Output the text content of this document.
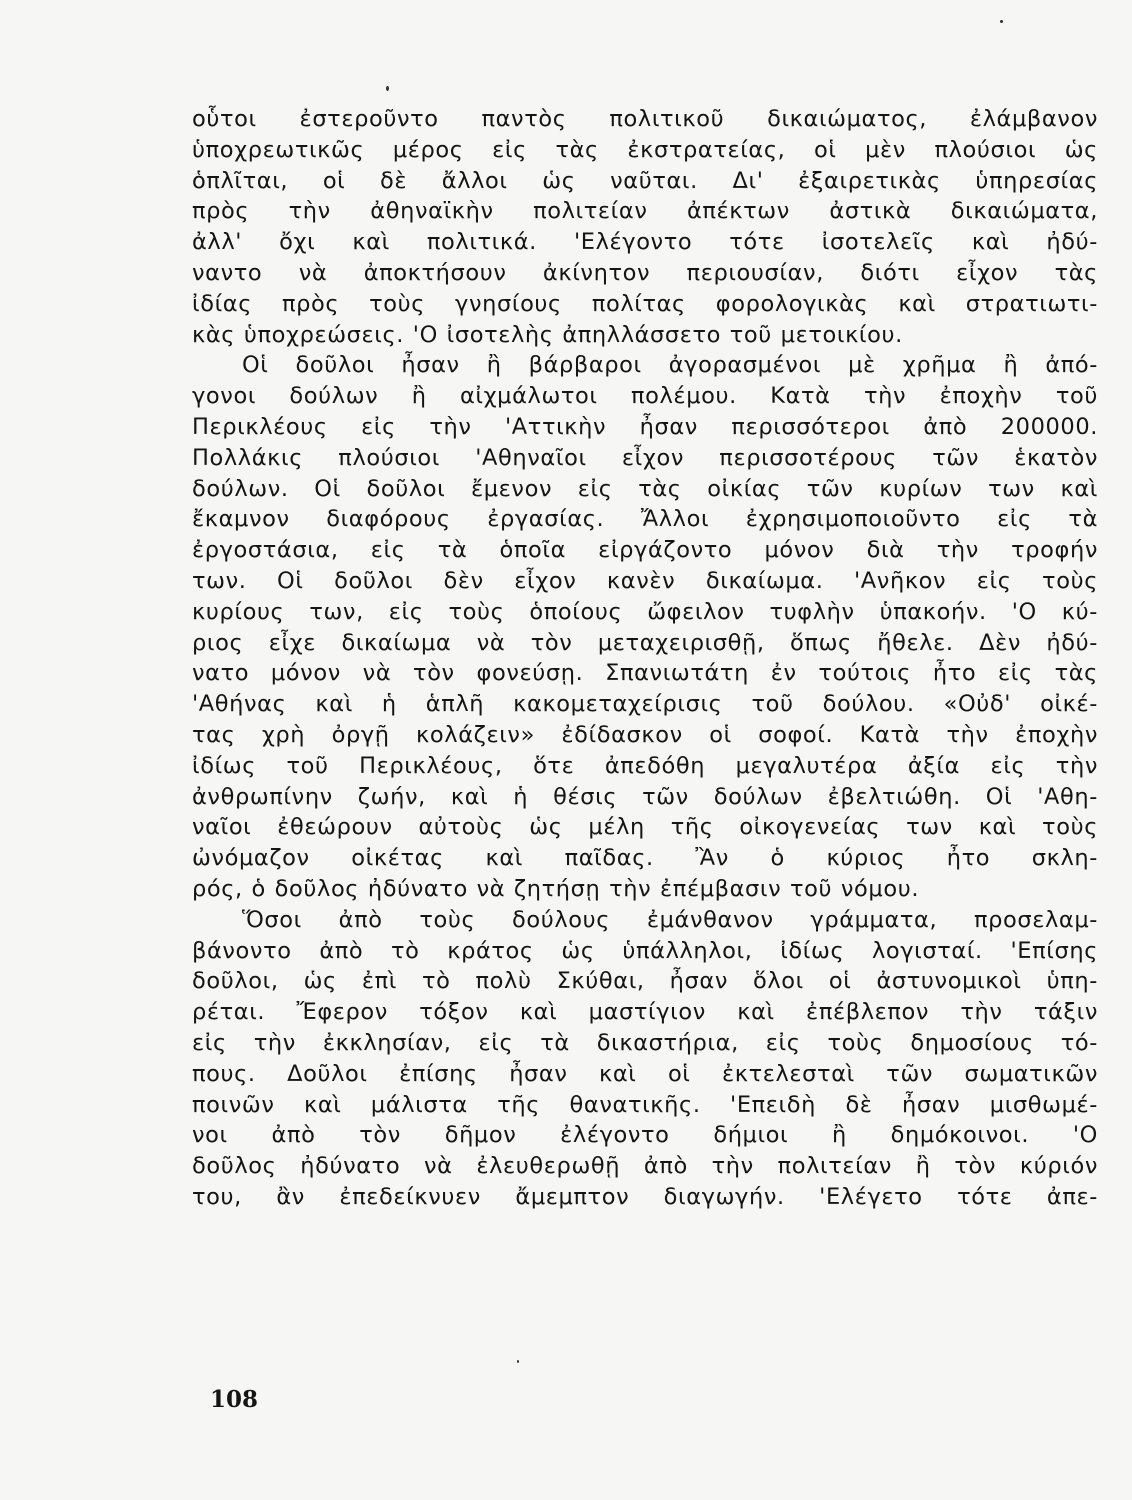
οὗτοι ἐστεροῦντο παντὸς πολιτικοῦ δικαιώματος, ἐλάμβανον
ὑποχρεωτικῶς μέρος εἰς τὰς ἐκστρατείας, οἱ μὲν πλούσιοι ὡς
ὁπλῖται, οἱ δὲ ἄλλοι ὡς ναῦται. Δι' ἐξαιρετικὰς ὑπηρεσίας
πρὸς τὴν ἀθηναϊκὴν πολιτείαν ἀπέκτων ἀστικὰ δικαιώματα,
ἀλλ' ὄχι καὶ πολιτικά. 'Ελέγοντο τότε ἰσοτελεῖς καὶ ἠδύ-
ναντο νὰ ἀποκτήσουν ἀκίνητον περιουσίαν, διότι εἶχον τὰς
ἰδίας πρὸς τοὺς γνησίους πολίτας φορολογικὰς καὶ στρατιωτι-
κὰς ὑποχρεώσεις. 'Ο ἰσοτελὴς ἀπηλλάσσετο τοῦ μετοικίου.
Οἱ δοῦλοι ἦσαν ἢ βάρβαροι ἀγορασμένοι μὲ χρῆμα ἢ ἀπό-
γονοι δούλων ἢ αἰχμάλωτοι πολέμου. Κατὰ τὴν ἐποχὴν τοῦ
Περικλέους εἰς τὴν 'Αττικὴν ἦσαν περισσότεροι ἀπὸ 200000.
Πολλάκις πλούσιοι 'Αθηναῖοι εἶχον περισσοτέρους τῶν ἑκατὸν
δούλων. Οἱ δοῦλοι ἔμενον εἰς τὰς οἰκίας τῶν κυρίων των καὶ
ἔκαμνον διαφόρους ἐργασίας. Ἄλλοι ἐχρησιμοποιοῦντο εἰς τὰ
ἐργοστάσια, εἰς τὰ ὁποῖα εἰργάζοντο μόνον διὰ τὴν τροφήν
των. Οἱ δοῦλοι δὲν εἶχον κανὲν δικαίωμα. 'Ανῆκον εἰς τοὺς
κυρίους των, εἰς τοὺς ὁποίους ὤφειλον τυφλὴν ὑπακοήν. 'Ο κύ-
ριος εἶχε δικαίωμα νὰ τὸν μεταχειρισθῇ, ὅπως ἤθελε. Δὲν ἠδύ-
νατο μόνον νὰ τὸν φονεύσῃ. Σπανιωτάτη ἐν τούτοις ἦτο εἰς τὰς
'Αθήνας καὶ ἡ ἁπλῆ κακομεταχείρισις τοῦ δούλου. «Οὐδ' οἰκέ-
τας χρὴ ὀργῇ κολάζειν» ἐδίδασκον οἱ σοφοί. Κατὰ τὴν ἐποχὴν
ἰδίως τοῦ Περικλέους, ὅτε ἀπεδόθη μεγαλυτέρα ἀξία εἰς τὴν
ἀνθρωπίνην ζωήν, καὶ ἡ θέσις τῶν δούλων ἐβελτιώθη. Οἱ 'Αθη-
ναῖοι ἐθεώρουν αὐτοὺς ὡς μέλη τῆς οἰκογενείας των καὶ τοὺς
ὠνόμαζον οἰκέτας καὶ παῖδας. Ἂν ὁ κύριος ἦτο σκλη-
ρός, ὁ δοῦλος ἠδύνατο νὰ ζητήσῃ τὴν ἐπέμβασιν τοῦ νόμου.
Ὅσοι ἀπὸ τοὺς δούλους ἐμάνθανον γράμματα, προσελαμ-
βάνοντο ἀπὸ τὸ κράτος ὡς ὑπάλληλοι, ἰδίως λογισταί. 'Επίσης
δοῦλοι, ὡς ἐπὶ τὸ πολὺ Σκύθαι, ἦσαν ὅλοι οἱ ἀστυνομικοὶ ὑπη-
ρέται. Ἔφερον τόξον καὶ μαστίγιον καὶ ἐπέβλεπον τὴν τάξιν
εἰς τὴν ἐκκλησίαν, εἰς τὰ δικαστήρια, εἰς τοὺς δημοσίους τό-
πους. Δοῦλοι ἐπίσης ἦσαν καὶ οἱ ἐκτελεσταὶ τῶν σωματικῶν
ποινῶν καὶ μάλιστα τῆς θανατικῆς. 'Επειδὴ δὲ ἦσαν μισθωμέ-
νοι ἀπὸ τὸν δῆμον ἐλέγοντο δήμιοι ἢ δημόκοινοι. 'Ο
δοῦλος ἠδύνατο νὰ ἐλευθερωθῇ ἀπὸ τὴν πολιτείαν ἢ τὸν κύριόν
του, ἂν ἐπεδείκνυεν ἄμεμπτον διαγωγήν. 'Ελέγετο τότε ἀπε-
108
